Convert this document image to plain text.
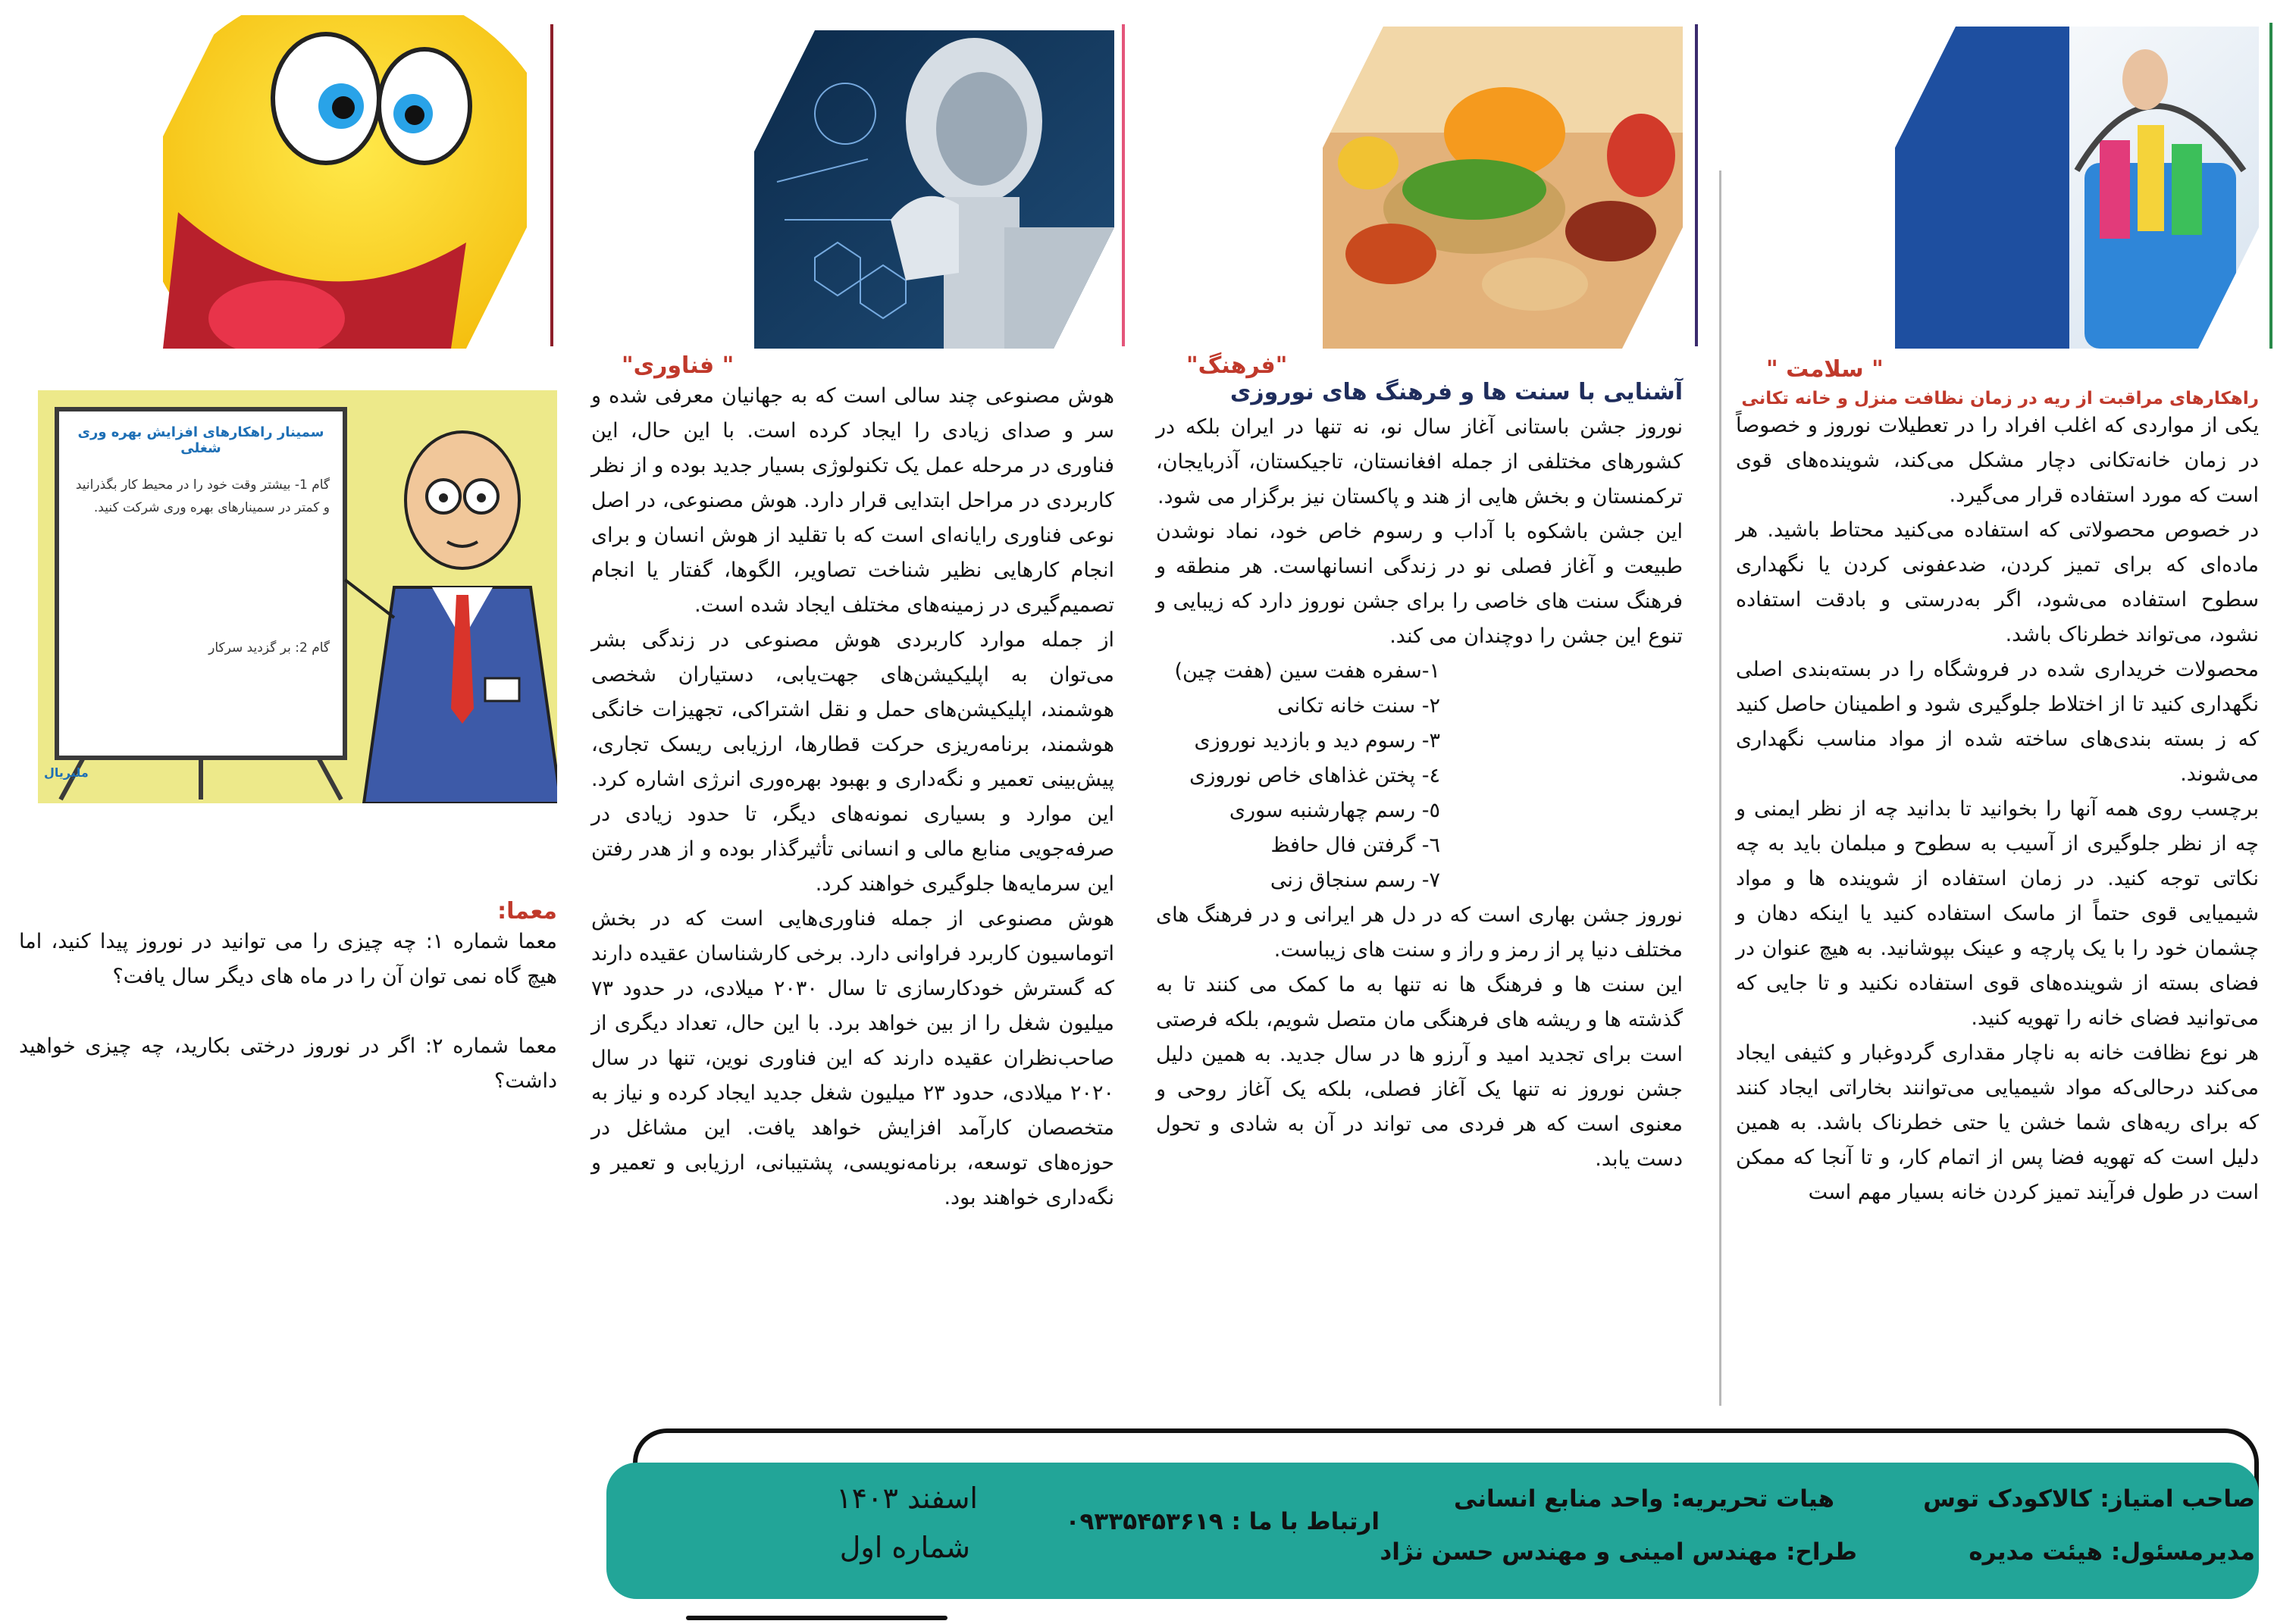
" سلامت "
راهکارهای مراقبت از ریه در زمان نظافت منزل و خانه تکانی

یکی از مواردی که اغلب افراد را در تعطیلات نوروز و خصوصاً در زمان خانه‌تکانی دچار مشکل می‌کند، شوینده‌های قوی است که مورد استفاده قرار می‌گیرد.

در خصوص محصولاتی که استفاده می‌کنید محتاط باشید. هر ماده‌ای که برای تمیز کردن، ضدعفونی کردن یا نگهداری سطوح استفاده می‌شود، اگر به‌درستی و بادقت استفاده نشود، می‌تواند خطرناک باشد.

محصولات خریداری شده در فروشگاه را در بسته‌بندی اصلی نگهداری کنید تا از اختلاط جلوگیری شود و اطمینان حاصل کنید که ز بسته بندی‌های ساخته شده از مواد مناسب نگهداری می‌شوند.

برچسب روی همه آنها را بخوانید تا بدانید چه از نظر ایمنی و چه از نظر جلوگیری از آسیب به سطوح و مبلمان باید به چه نکاتی توجه کنید. در زمان استفاده از شوینده ها و مواد شیمیایی قوی حتماً از ماسک استفاده کنید یا اینکه دهان و چشمان خود را با یک پارچه و عینک بپوشانید. به هیچ عنوان در فضای بسته از شوینده‌های قوی استفاده نکنید و تا جایی که می‌توانید فضای خانه را تهویه کنید.

هر نوع نظافت خانه به ناچار مقداری گردوغبار و کثیفی ایجاد می‌کند درحالی‌که مواد شیمیایی می‌توانند بخاراتی ایجاد کنند که برای ریه‌های شما خشن یا حتی خطرناک باشد. به همین دلیل است که تهویه فضا پس از اتمام کار، و تا آنجا که ممکن است در طول فرآیند تمیز کردن خانه بسیار مهم است

"فرهنگ"
آشنایی با سنت ها و فرهنگ های نوروزی

نوروز جشن باستانی آغاز سال نو، نه تنها در ایران بلکه در کشورهای مختلفی از جمله افغانستان، تاجیکستان، آذربایجان، ترکمنستان و بخش هایی از هند و پاکستان نیز برگزار می شود.

این جشن باشکوه با آداب و رسوم خاص خود، نماد نوشدن طبیعت و آغاز فصلی نو در زندگی انسانهاست. هر منطقه و فرهنگ سنت های خاصی را برای جشن نوروز دارد که زیبایی و تنوع این جشن را دوچندان می کند.

۱-سفره هفت سین (هفت چین)
۲- سنت خانه تکانی
۳- رسوم دید و بازدید نوروزی
٤- پختن غذاهای خاص نوروزی
٥- رسم چهارشنبه سوری
٦- گرفتن فال حافظ
۷- رسم سنجاق زنی

نوروز جشن بهاری است که در دل هر ایرانی و در فرهنگ های مختلف دنیا پر از رمز و راز و سنت های زیباست.

این سنت ها و فرهنگ ها نه تنها به ما کمک می کنند تا به گذشته ها و ریشه های فرهنگی مان متصل شویم، بلکه فرصتی است برای تجدید امید و آرزو ها در سال جدید. به همین دلیل جشن نوروز نه تنها یک آغاز فصلی، بلکه یک آغاز روحی و معنوی است که هر فردی می تواند در آن به شادی و تحول دست یابد.

" فناوری"

هوش مصنوعی چند سالی است که به جهانیان معرفی شده و سر و صدای زیادی را ایجاد کرده است. با این حال، این فناوری در مرحله عمل یک تکنولوژی بسیار جدید بوده و از نظر کاربردی در مراحل ابتدایی قرار دارد. هوش مصنوعی، در اصل نوعی فناوری رایانه‌ای است که با تقلید از هوش انسان و برای انجام کارهایی نظیر شناخت تصاویر، الگوها، گفتار یا انجام تصمیم‌گیری در زمینه‌های مختلف ایجاد شده است.

از جمله موارد کاربردی هوش مصنوعی در زندگی بشر می‌توان به اپلیکیشن‌های جهت‌یابی، دستیاران شخصی هوشمند، اپلیکیشن‌های حمل و نقل اشتراکی، تجهیزات خانگی هوشمند، برنامه‌ریزی حرکت قطارها، ارزیابی ریسک تجاری، پیش‌بینی تعمیر و نگه‌داری و بهبود بهره‌وری انرژی اشاره کرد. این موارد و بسیاری نمونه‌های دیگر، تا حدود زیادی در صرفه‌جویی منابع مالی و انسانی تأثیرگذار بوده و از هدر رفتن این سرمایه‌ها جلوگیری خواهند کرد.

هوش مصنوعی از جمله فناوری‌هایی است که در بخش اتوماسیون کاربرد فراوانی دارد. برخی کارشناسان عقیده دارند که گسترش خودکارسازی تا سال ۲۰۳۰ میلادی، در حدود ۷۳ میلیون شغل را از بین خواهد برد. با این حال، تعداد دیگری از صاحب‌نظران عقیده دارند که این فناوری نوین، تنها در سال ۲۰۲۰ میلادی، حدود ۲۳ میلیون شغل جدید ایجاد کرده و نیاز به متخصصان کارآمد افزایش خواهد یافت. این مشاغل در حوزه‌های توسعه، برنامه‌نویسی، پشتیبانی، ارزیابی و تعمیر و نگه‌داری خواهند بود.

سمینار راهکارهای افزایش بهره وری شغلی
گام 1- بیشتر وقت خود را در محیط کار بگذرانید و کمتر در سمینارهای بهره وری شرکت کنید.
گام 2: بر گزدید سرکار
ملیریال
معما:

معما شماره ۱: چه چیزی را می توانید در نوروز پیدا کنید، اما هیچ گاه نمی توان آن را در ماه های دیگر سال یافت؟

معما شماره ۲: اگر در نوروز درختی بکارید، چه چیزی خواهید داشت؟

صاحب امتیاز: کالاکودک توس
مدیرمسئول: هیئت مدیره
هیات تحریریه: واحد منابع انسانی
طراح: مهندس امینی و مهندس حسن نژاد
ارتباط با ما : ۰۹۳۳۵۴۵۳۶۱۹
اسفند ۱۴۰۳
شماره اول
